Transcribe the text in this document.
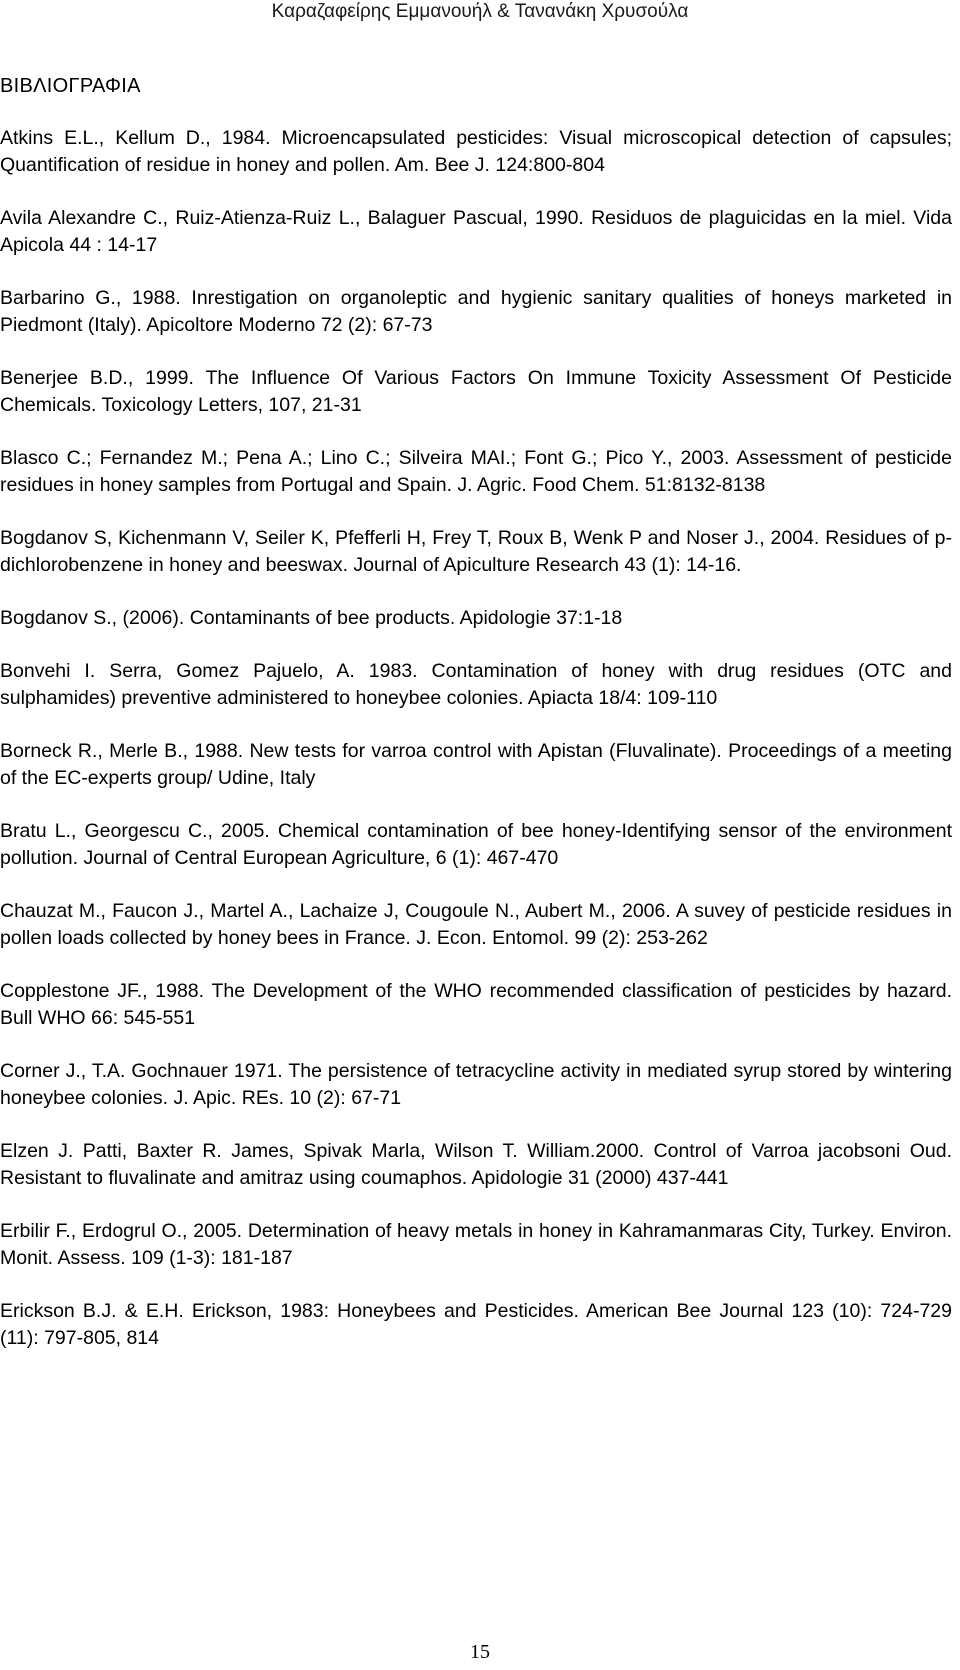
Καραζαφείρης Εμμανουήλ & Τανανάκη Χρυσούλα
ΒΙΒΛΙΟΓΡΑΦΙΑ

Atkins E.L., Kellum D., 1984. Microencapsulated pesticides: Visual microscopical detection of capsules; Quantification of residue in honey and pollen. Am. Bee J. 124:800-804

Avila Alexandre C., Ruiz-Atienza-Ruiz L., Balaguer Pascual, 1990. Residuos de plaguicidas en la miel. Vida Apicola 44 : 14-17

Barbarino G., 1988. Inrestigation on organoleptic and hygienic sanitary qualities of honeys marketed in Piedmont (Italy). Apicoltore Moderno 72 (2): 67-73

Benerjee B.D., 1999. The Influence Of Various Factors On Immune Toxicity Assessment Of Pesticide Chemicals. Toxicology Letters, 107, 21-31

Blasco C.; Fernandez M.; Pena A.; Lino C.; Silveira MAI.; Font G.; Pico Y., 2003. Assessment of pesticide residues in honey samples from Portugal and Spain. J. Agric. Food Chem. 51:8132-8138

Bogdanov S, Kichenmann V, Seiler K, Pfefferli H, Frey T, Roux B, Wenk P and Noser J., 2004. Residues of p-dichlorobenzene in honey and beeswax. Journal of Apiculture Research 43 (1): 14-16.

Bogdanov S., (2006). Contaminants of bee products. Apidologie 37:1-18

Bonvehi I. Serra, Gomez Pajuelo, A. 1983. Contamination of honey with drug residues (OTC and sulphamides) preventive administered to honeybee colonies. Apiacta 18/4: 109-110

Borneck R., Merle B., 1988. New tests for varroa control with Apistan (Fluvalinate). Proceedings of a meeting of the EC-experts group/ Udine, Italy

Bratu L., Georgescu C., 2005. Chemical contamination of bee honey-Identifying sensor of the environment pollution. Journal of Central European Agriculture, 6 (1): 467-470

Chauzat M., Faucon J., Martel A., Lachaize J, Cougoule N., Aubert M., 2006. A suvey of pesticide residues in pollen loads collected by honey bees in France. J. Econ. Entomol. 99 (2): 253-262

Copplestone JF., 1988. The Development of the WHO recommended classification of pesticides by hazard. Bull WHO 66: 545-551

Corner J., T.A. Gochnauer 1971. The persistence of tetracycline activity in mediated syrup stored by wintering honeybee colonies. J. Apic. REs. 10 (2): 67-71

Elzen J. Patti, Baxter R. James, Spivak Marla, Wilson T. William.2000. Control of Varroa jacobsoni Oud. Resistant to fluvalinate and amitraz using coumaphos. Apidologie 31 (2000) 437-441

Erbilir F., Erdogrul O., 2005. Determination of heavy metals in honey in Kahramanmaras City, Turkey. Environ. Monit. Assess. 109 (1-3): 181-187

Erickson B.J. & E.H. Erickson, 1983: Honeybees and Pesticides. American Bee Journal 123 (10): 724-729 (11): 797-805, 814

15
